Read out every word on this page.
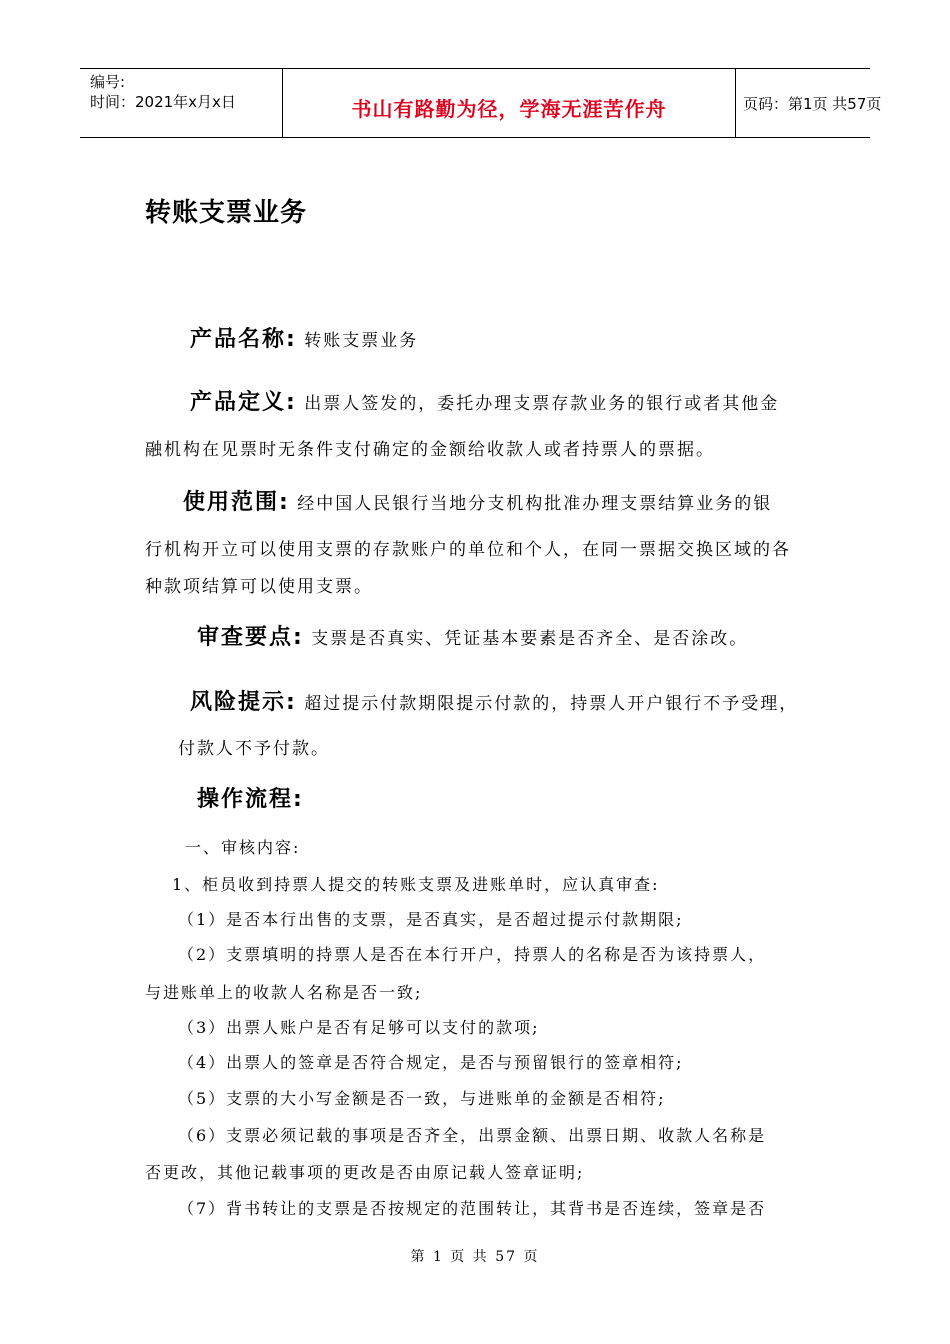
编号:
时间：2021年x月x日	书山有路勤为径，学海无涯苦作舟	页码：第1页 共57页
转账支票业务
产品名称: 转账支票业务
产品定义: 出票人签发的，委托办理支票存款业务的银行或者其他金
融机构在见票时无条件支付确定的金额给收款人或者持票人的票据。
使用范围: 经中国人民银行当地分支机构批准办理支票结算业务的银
行机构开立可以使用支票的存款账户的单位和个人，在同一票据交换区域的各
种款项结算可以使用支票。
审查要点: 支票是否真实、凭证基本要素是否齐全、是否涂改。
风险提示: 超过提示付款期限提示付款的，持票人开户银行不予受理，
付款人不予付款。
操作流程:
一、审核内容:
1、柜员收到持票人提交的转账支票及进账单时，应认真审查:
（1）是否本行出售的支票，是否真实，是否超过提示付款期限;
（2）支票填明的持票人是否在本行开户，持票人的名称是否为该持票人，
与进账单上的收款人名称是否一致;
（3）出票人账户是否有足够可以支付的款项;
（4）出票人的签章是否符合规定，是否与预留银行的签章相符;
（5）支票的大小写金额是否一致，与进账单的金额是否相符;
（6）支票必须记载的事项是否齐全，出票金额、出票日期、收款人名称是
否更改，其他记载事项的更改是否由原记载人签章证明;
（7）背书转让的支票是否按规定的范围转让，其背书是否连续，签章是否
第 1 页 共 57 页
